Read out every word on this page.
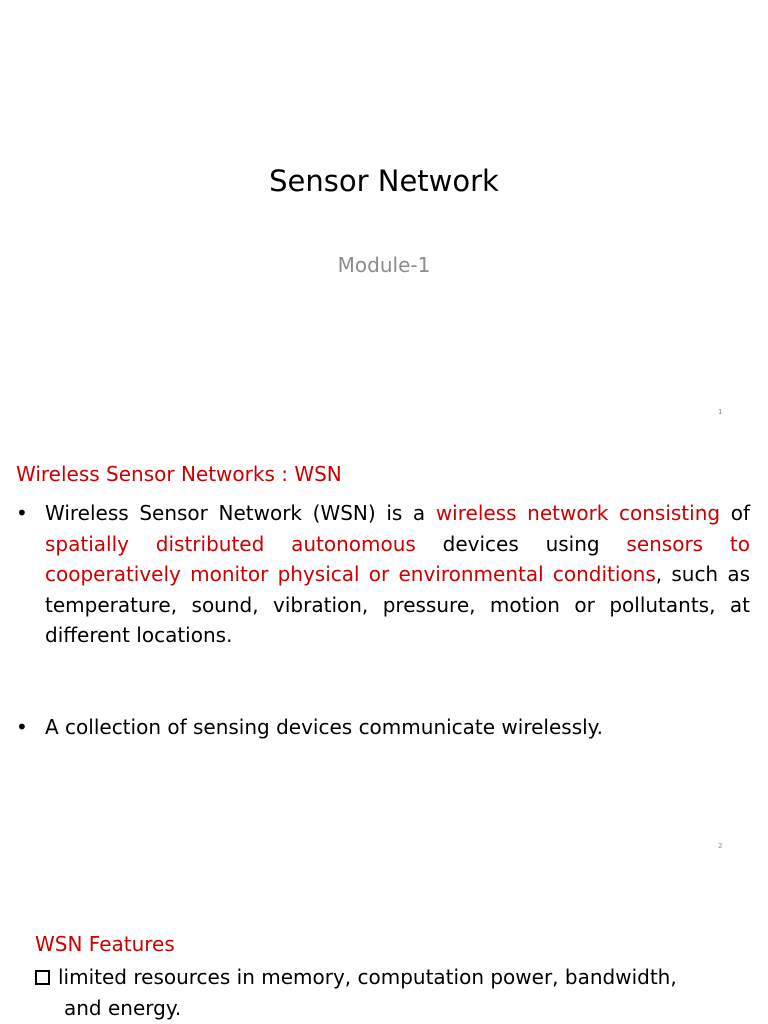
Sensor Network
Module-1
1
Wireless Sensor Networks : WSN
• Wireless Sensor Network (WSN) is a wireless network consisting of spatially distributed autonomous devices using sensors to cooperatively monitor physical or environmental conditions, such as temperature, sound, vibration, pressure, motion or pollutants, at different locations.
• A collection of sensing devices communicate wirelessly.
2
WSN Features
limited resources in memory, computation power, bandwidth,
and energy.
